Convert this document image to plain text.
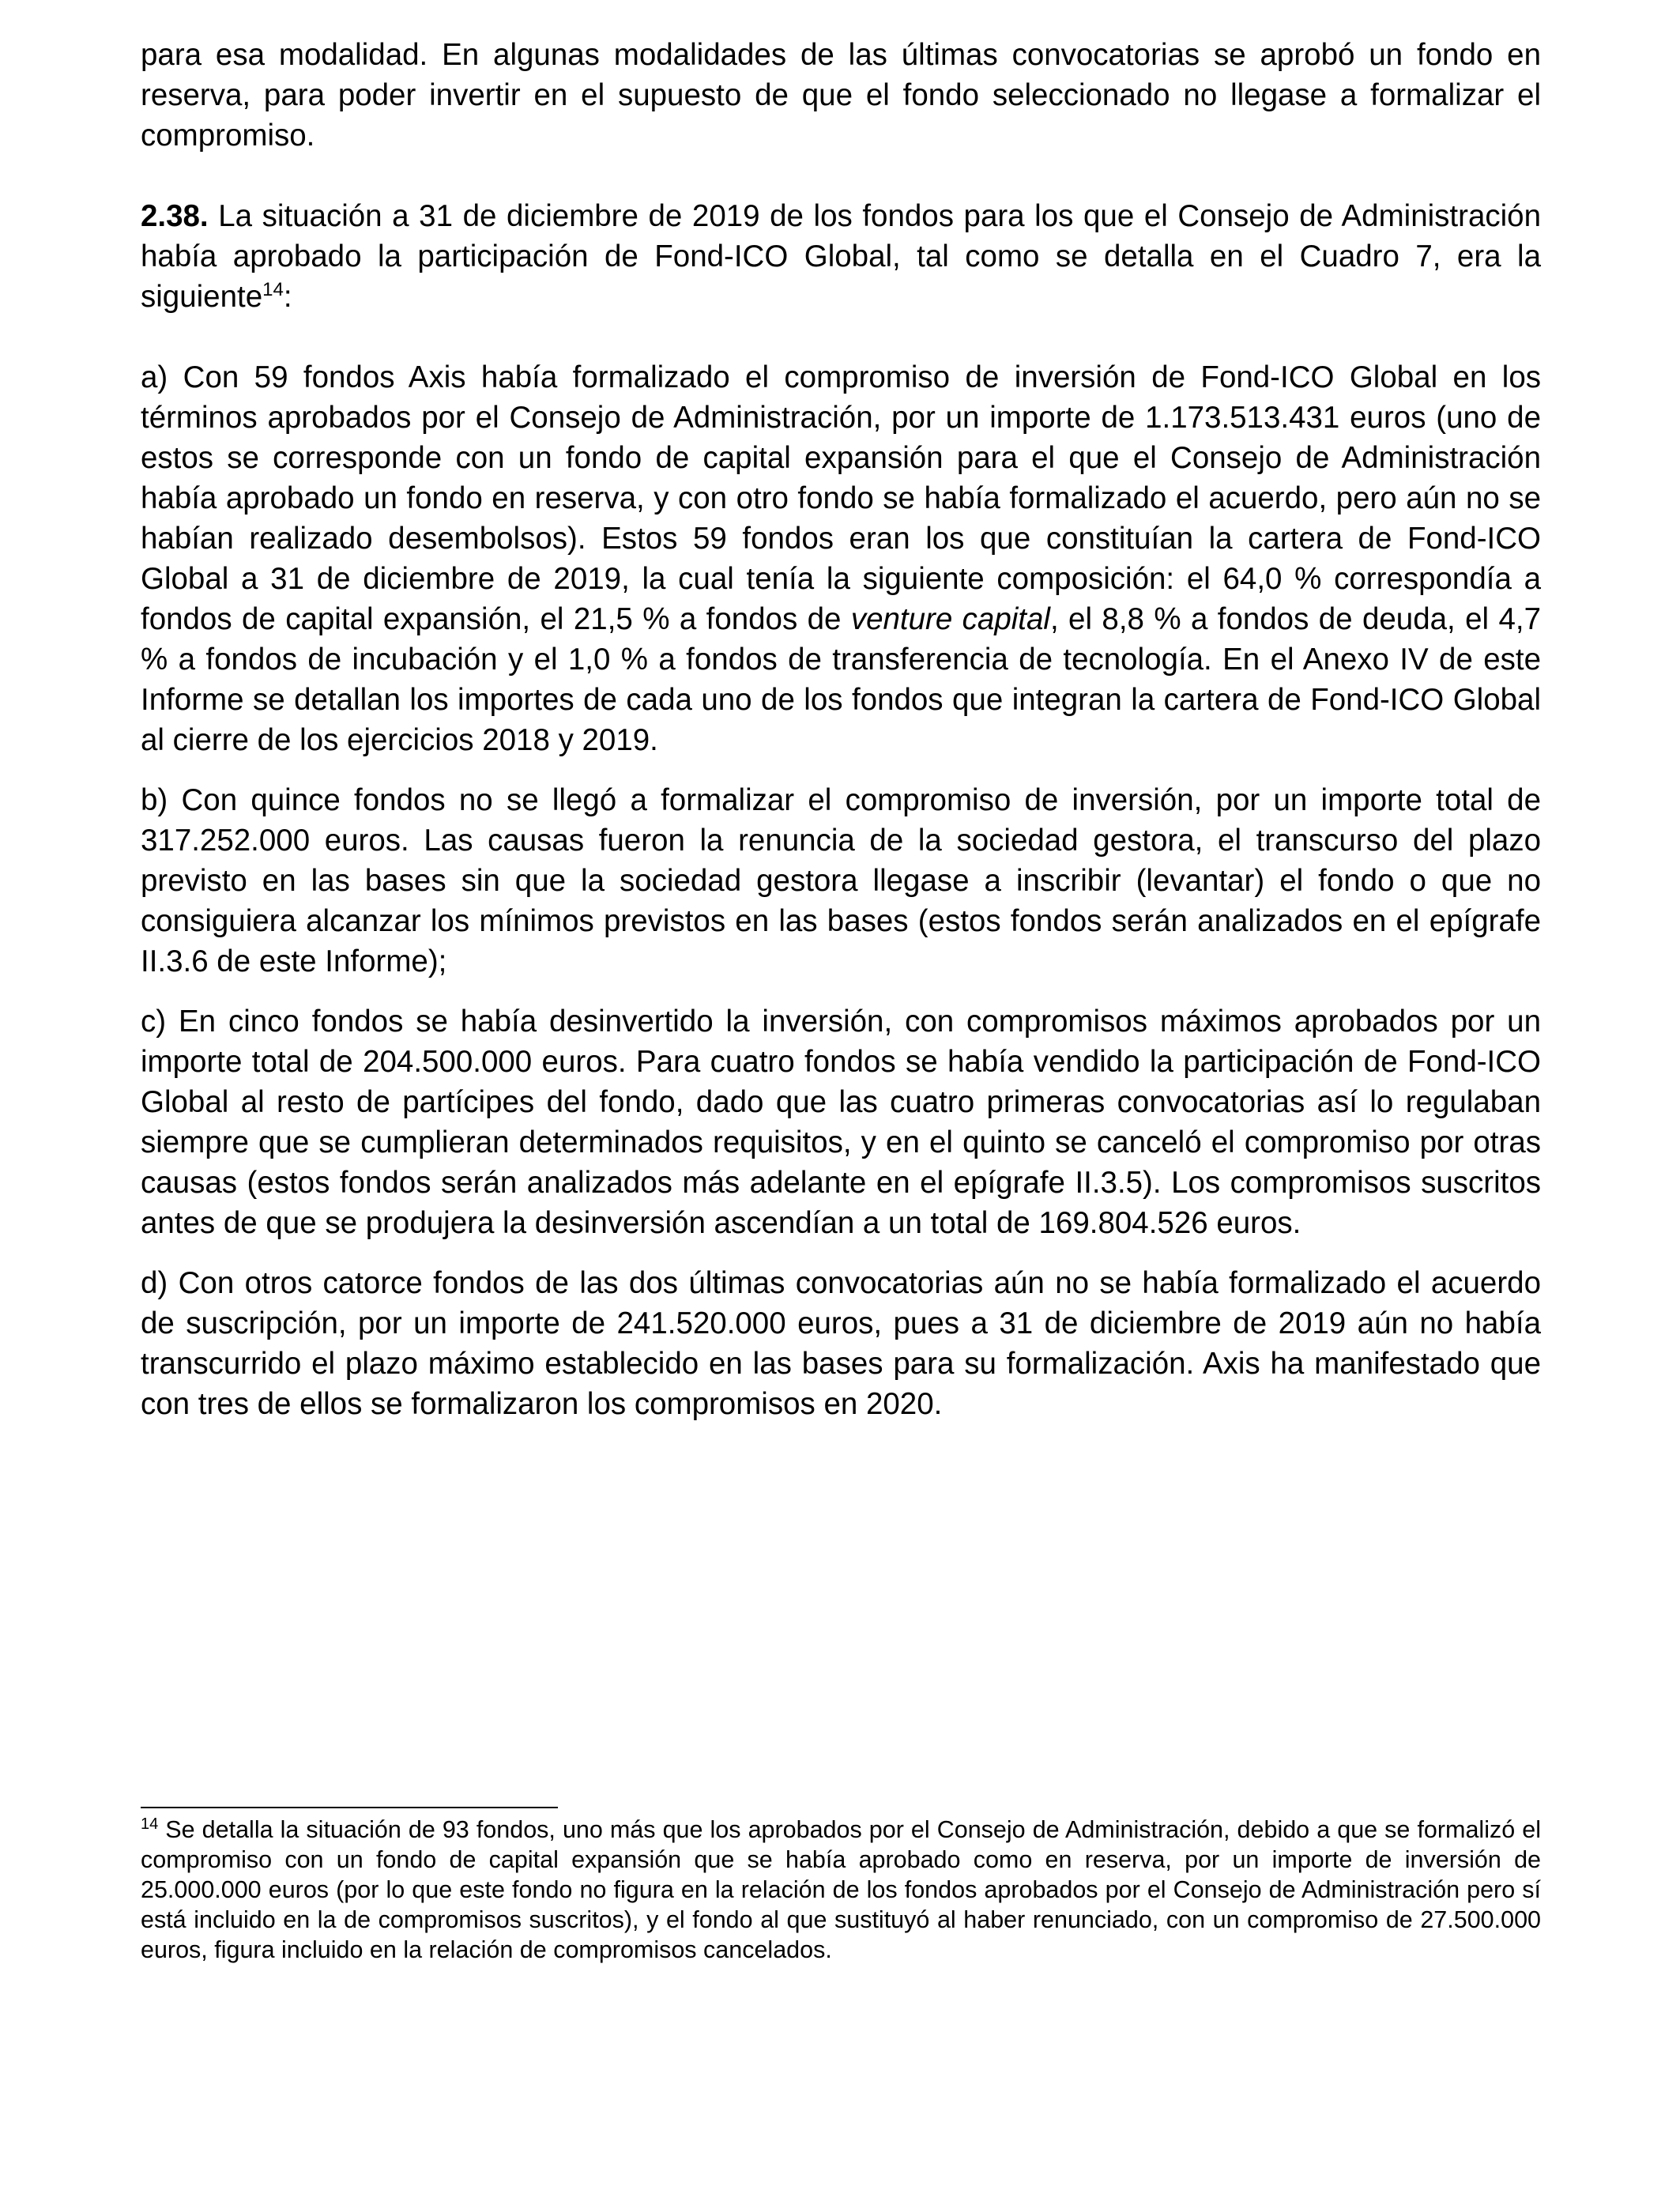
para esa modalidad. En algunas modalidades de las últimas convocatorias se aprobó un fondo en reserva, para poder invertir en el supuesto de que el fondo seleccionado no llegase a formalizar el compromiso.

2.38. La situación a 31 de diciembre de 2019 de los fondos para los que el Consejo de Administración había aprobado la participación de Fond-ICO Global, tal como se detalla en el Cuadro 7, era la siguiente$^{14}$:

a) Con 59 fondos Axis había formalizado el compromiso de inversión de Fond-ICO Global en los términos aprobados por el Consejo de Administración, por un importe de 1.173.513.431 euros (uno de estos se corresponde con un fondo de capital expansión para el que el Consejo de Administración había aprobado un fondo en reserva, y con otro fondo se había formalizado el acuerdo, pero aún no se habían realizado desembolsos). Estos 59 fondos eran los que constituían la cartera de Fond-ICO Global a 31 de diciembre de 2019, la cual tenía la siguiente composición: el 64,0 % correspondía a fondos de capital expansión, el 21,5 % a fondos de venture capital, el 8,8 % a fondos de deuda, el 4,7 % a fondos de incubación y el 1,0 % a fondos de transferencia de tecnología. En el Anexo IV de este Informe se detallan los importes de cada uno de los fondos que integran la cartera de Fond-ICO Global al cierre de los ejercicios 2018 y 2019.

b) Con quince fondos no se llegó a formalizar el compromiso de inversión, por un importe total de 317.252.000 euros. Las causas fueron la renuncia de la sociedad gestora, el transcurso del plazo previsto en las bases sin que la sociedad gestora llegase a inscribir (levantar) el fondo o que no consiguiera alcanzar los mínimos previstos en las bases (estos fondos serán analizados en el epígrafe II.3.6 de este Informe);

c) En cinco fondos se había desinvertido la inversión, con compromisos máximos aprobados por un importe total de 204.500.000 euros. Para cuatro fondos se había vendido la participación de Fond-ICO Global al resto de partícipes del fondo, dado que las cuatro primeras convocatorias así lo regulaban siempre que se cumplieran determinados requisitos, y en el quinto se canceló el compromiso por otras causas (estos fondos serán analizados más adelante en el epígrafe II.3.5). Los compromisos suscritos antes de que se produjera la desinversión ascendían a un total de 169.804.526 euros.

d) Con otros catorce fondos de las dos últimas convocatorias aún no se había formalizado el acuerdo de suscripción, por un importe de 241.520.000 euros, pues a 31 de diciembre de 2019 aún no había transcurrido el plazo máximo establecido en las bases para su formalización. Axis ha manifestado que con tres de ellos se formalizaron los compromisos en 2020.

$^{14}$ Se detalla la situación de 93 fondos, uno más que los aprobados por el Consejo de Administración, debido a que se formalizó el compromiso con un fondo de capital expansión que se había aprobado como en reserva, por un importe de inversión de 25.000.000 euros (por lo que este fondo no figura en la relación de los fondos aprobados por el Consejo de Administración pero sí está incluido en la de compromisos suscritos), y el fondo al que sustituyó al haber renunciado, con un compromiso de 27.500.000 euros, figura incluido en la relación de compromisos cancelados.
